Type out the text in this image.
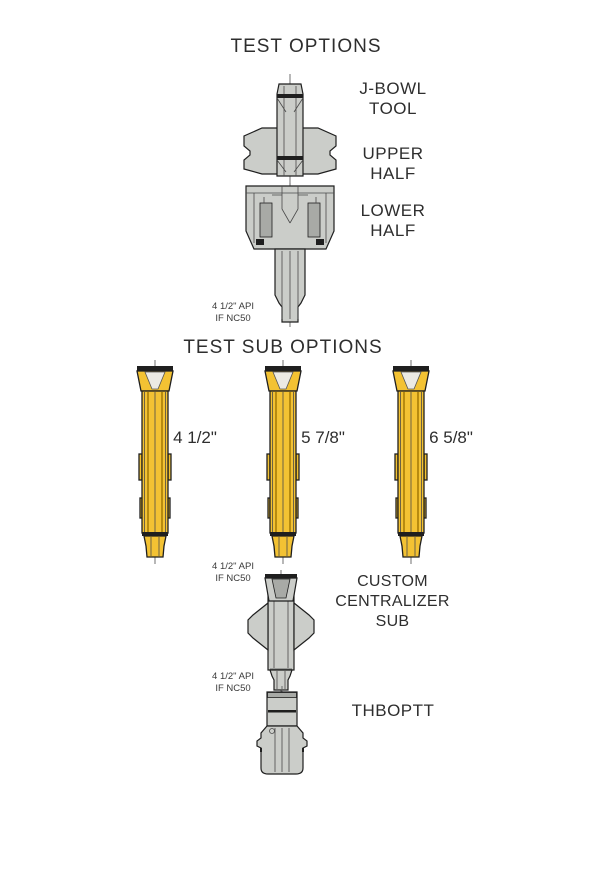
TEST OPTIONS
J-BOWL
TOOL
UPPER
HALF
LOWER
HALF
4 1/2" API
IF NC50
TEST SUB OPTIONS
4 1/2"	5 7/8"	6 5/8"
4 1/2" API
IF NC50	CUSTOM
CENTRALIZER
SUB
4 1/2" API
IF NC50
THBOPTT
